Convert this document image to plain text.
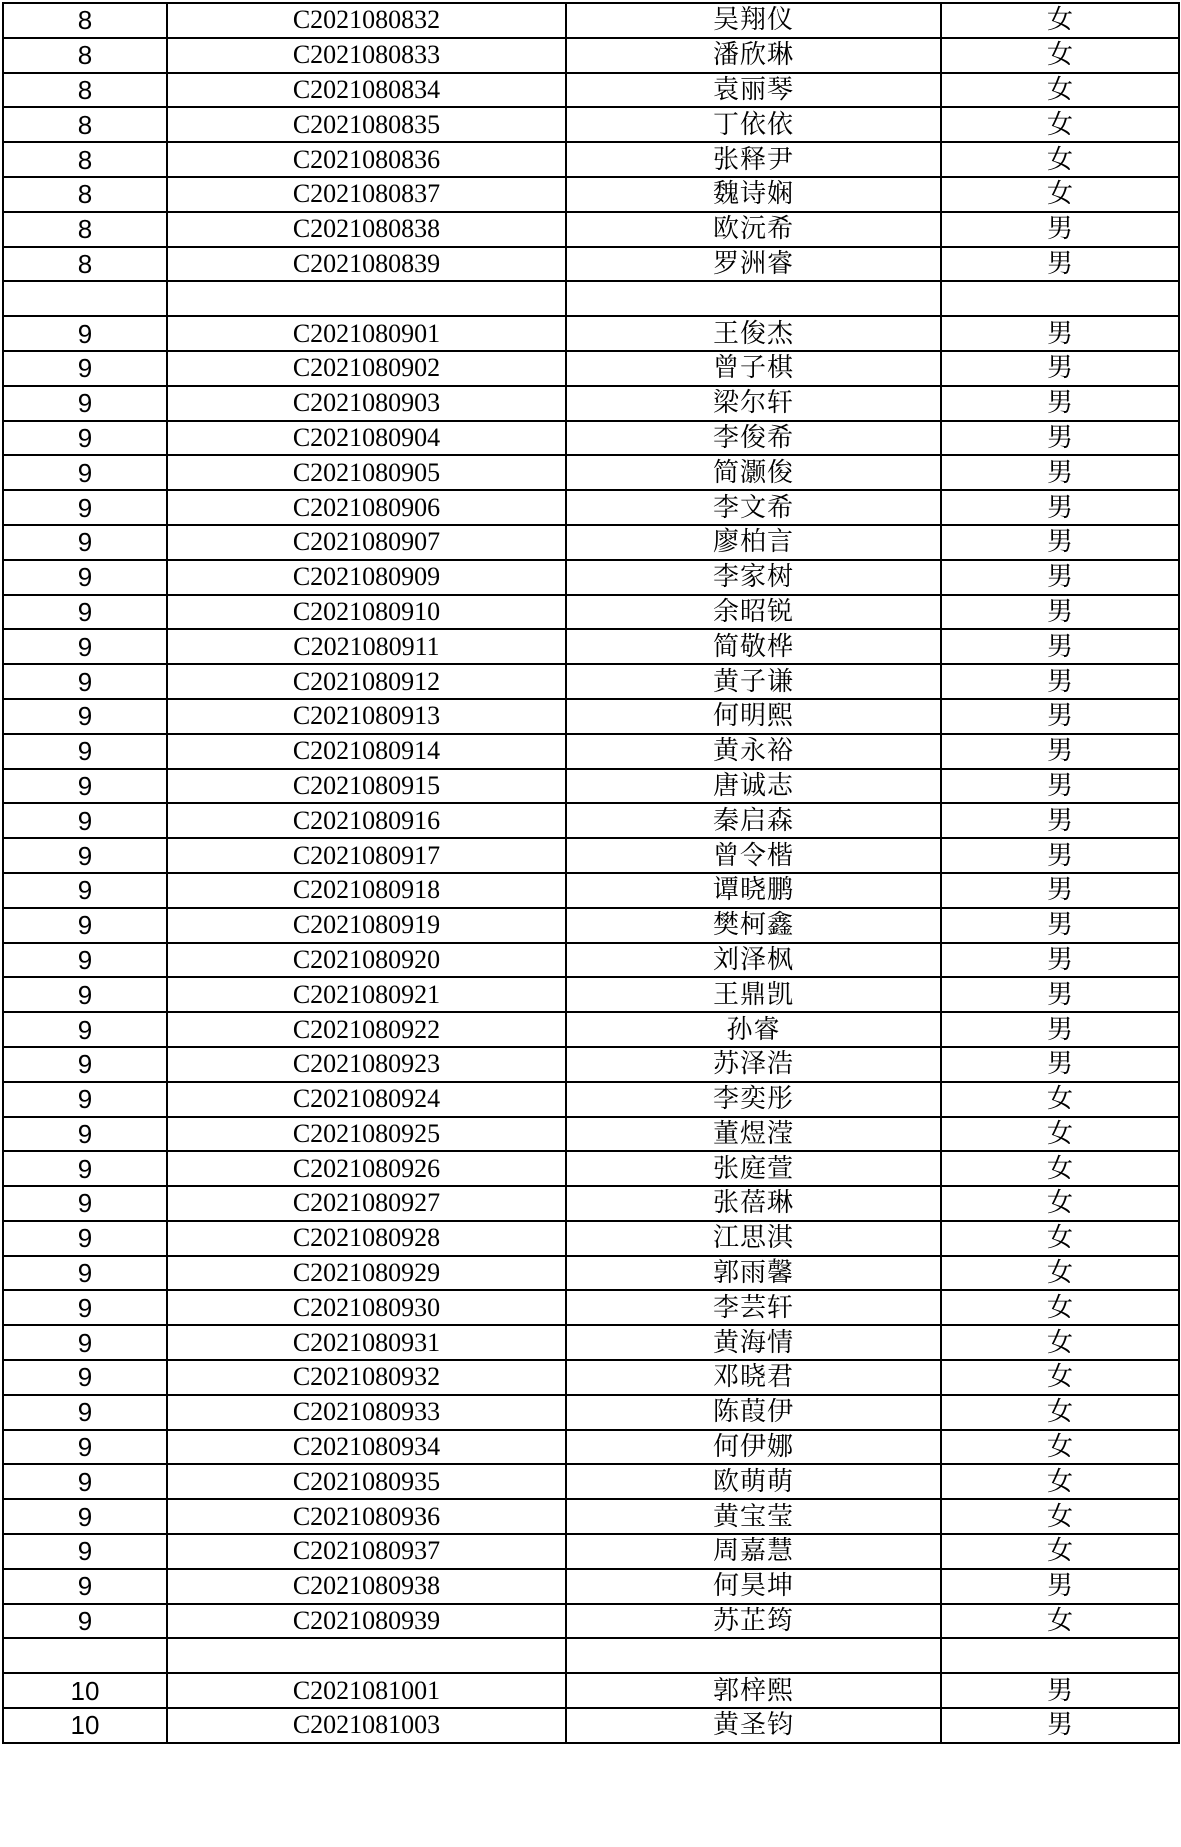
8	C2021080832	吴翔仪	女
8	C2021080833	潘欣琳	女
8	C2021080834	袁丽琴	女
8	C2021080835	丁依依	女
8	C2021080836	张释尹	女
8	C2021080837	魏诗娴	女
8	C2021080838	欧沅希	男
8	C2021080839	罗洲睿	男

9	C2021080901	王俊杰	男
9	C2021080902	曾子棋	男
9	C2021080903	梁尔轩	男
9	C2021080904	李俊希	男
9	C2021080905	简灏俊	男
9	C2021080906	李文希	男
9	C2021080907	廖柏言	男
9	C2021080909	李家树	男
9	C2021080910	余昭锐	男
9	C2021080911	简敬桦	男
9	C2021080912	黄子谦	男
9	C2021080913	何明熙	男
9	C2021080914	黄永裕	男
9	C2021080915	唐诚志	男
9	C2021080916	秦启森	男
9	C2021080917	曾令楷	男
9	C2021080918	谭晓鹏	男
9	C2021080919	樊柯鑫	男
9	C2021080920	刘泽枫	男
9	C2021080921	王鼎凯	男
9	C2021080922	孙睿	男
9	C2021080923	苏泽浩	男
9	C2021080924	李奕彤	女
9	C2021080925	董煜滢	女
9	C2021080926	张庭萱	女
9	C2021080927	张蓓琳	女
9	C2021080928	江思淇	女
9	C2021080929	郭雨馨	女
9	C2021080930	李芸轩	女
9	C2021080931	黄海情	女
9	C2021080932	邓晓君	女
9	C2021080933	陈葭伊	女
9	C2021080934	何伊娜	女
9	C2021080935	欧萌萌	女
9	C2021080936	黄宝莹	女
9	C2021080937	周嘉慧	女
9	C2021080938	何昊坤	男
9	C2021080939	苏芷筠	女

10	C2021081001	郭梓熙	男
10	C2021081003	黄圣钧	男
